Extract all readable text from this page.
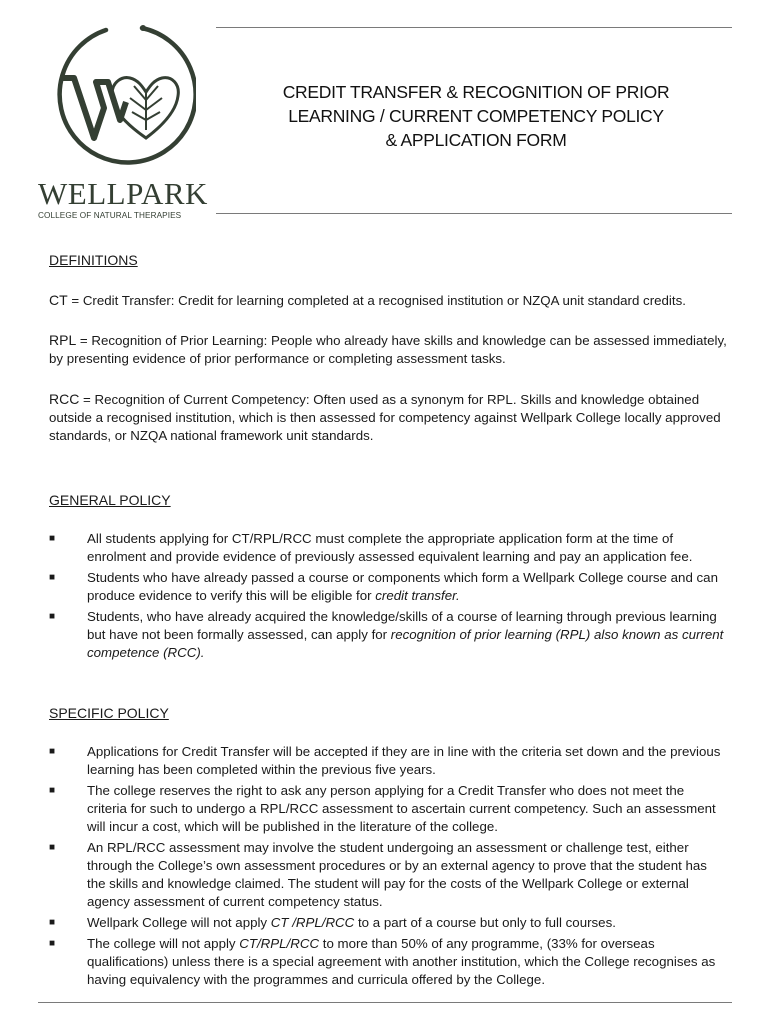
WELLPARK
COLLEGE OF NATURAL THERAPIES
CREDIT TRANSFER & RECOGNITION OF PRIOR
LEARNING / CURRENT COMPETENCY POLICY
& APPLICATION FORM
DEFINITIONS

CT = Credit Transfer: Credit for learning completed at a recognised institution or NZQA unit standard credits.

RPL = Recognition of Prior Learning: People who already have skills and knowledge can be assessed immediately, by presenting evidence of prior performance or completing assessment tasks.

RCC = Recognition of Current Competency: Often used as a synonym for RPL. Skills and knowledge obtained outside a recognised institution, which is then assessed for competency against Wellpark College locally approved standards, or NZQA national framework unit standards.

GENERAL POLICY
■ All students applying for CT/RPL/RCC must complete the appropriate application form at the time of enrolment and provide evidence of previously assessed equivalent learning and pay an application fee.
■ Students who have already passed a course or components which form a Wellpark College course and can produce evidence to verify this will be eligible for credit transfer.
■ Students, who have already acquired the knowledge/skills of a course of learning through previous learning but have not been formally assessed, can apply for recognition of prior learning (RPL) also known as current competence (RCC).
SPECIFIC POLICY
■ Applications for Credit Transfer will be accepted if they are in line with the criteria set down and the previous learning has been completed within the previous five years.
■ The college reserves the right to ask any person applying for a Credit Transfer who does not meet the criteria for such to undergo a RPL/RCC assessment to ascertain current competency. Such an assessment will incur a cost, which will be published in the literature of the college.
■ An RPL/RCC assessment may involve the student undergoing an assessment or challenge test, either through the College’s own assessment procedures or by an external agency to prove that the student has the skills and knowledge claimed. The student will pay for the costs of the Wellpark College or external agency assessment of current competency status.
■ Wellpark College will not apply CT /RPL/RCC to a part of a course but only to full courses.
■ The college will not apply CT/RPL/RCC to more than 50% of any programme, (33% for overseas qualifications) unless there is a special agreement with another institution, which the College recognises as having equivalency with the programmes and curricula offered by the College.
